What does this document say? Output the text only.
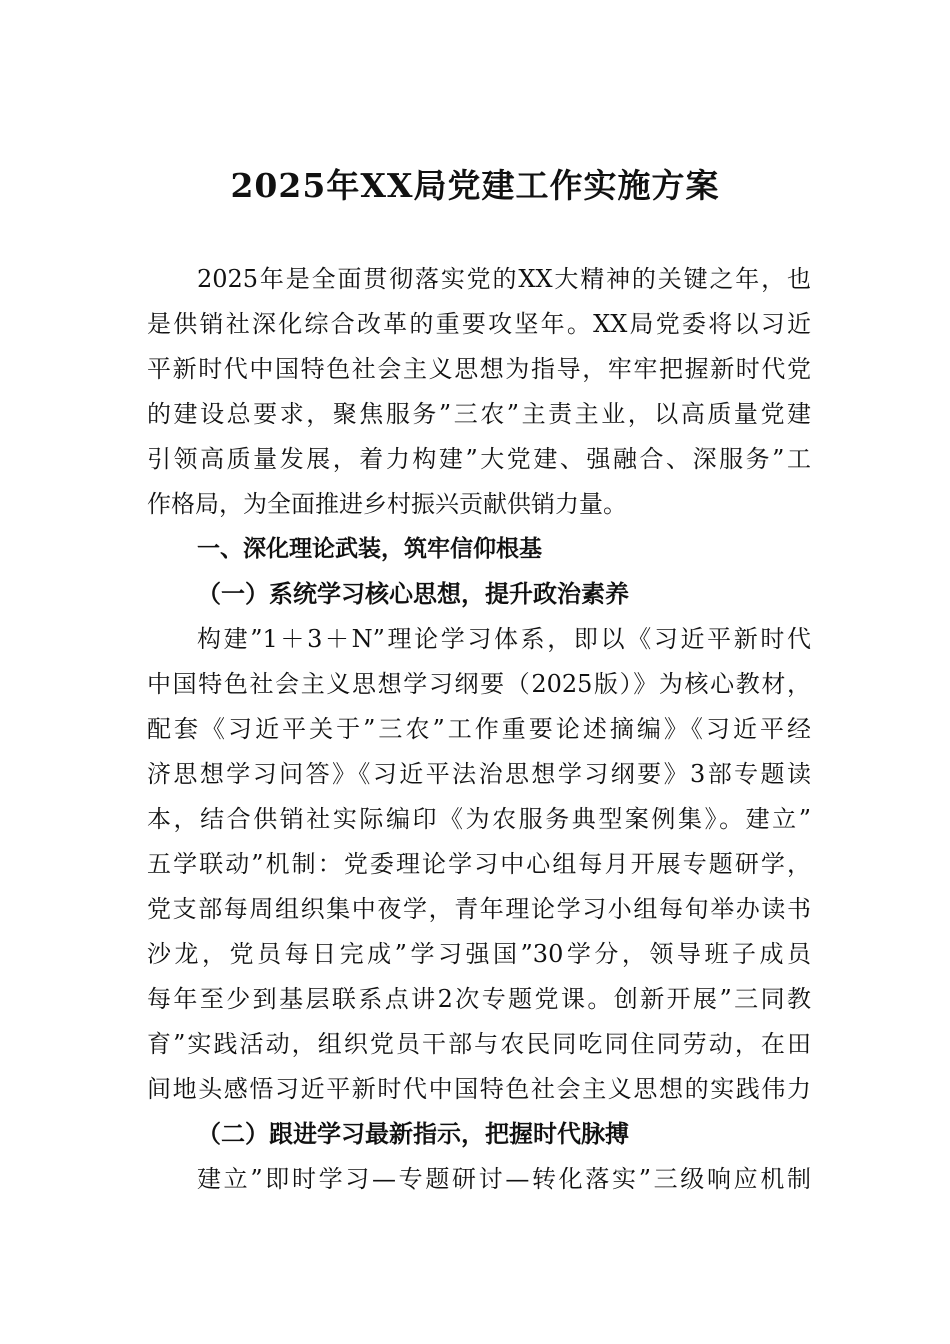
2025年XX局党建工作实施方案

2025年是全面贯彻落实党的XX大精神的关键之年，也

是供销社深化综合改革的重要攻坚年。XX局党委将以习近

平新时代中国特色社会主义思想为指导，牢牢把握新时代党

的建设总要求，聚焦服务”三农”主责主业，以高质量党建

引领高质量发展，着力构建”大党建、强融合、深服务”工

作格局，为全面推进乡村振兴贡献供销力量。

一、深化理论武装，筑牢信仰根基

（一）系统学习核心思想，提升政治素养

构建”1＋3＋N”理论学习体系，即以《习近平新时代

中国特色社会主义思想学习纲要（2025版）》为核心教材，

配套《习近平关于”三农”工作重要论述摘编》《习近平经

济思想学习问答》《习近平法治思想学习纲要》3部专题读

本，结合供销社实际编印《为农服务典型案例集》。建立”

五学联动”机制：党委理论学习中心组每月开展专题研学，

党支部每周组织集中夜学，青年理论学习小组每旬举办读书

沙龙，党员每日完成”学习强国”30学分，领导班子成员

每年至少到基层联系点讲2次专题党课。创新开展”三同教

育”实践活动，组织党员干部与农民同吃同住同劳动，在田

间地头感悟习近平新时代中国特色社会主义思想的实践伟力

（二）跟进学习最新指示，把握时代脉搏

建立”即时学习—专题研讨—转化落实”三级响应机制
